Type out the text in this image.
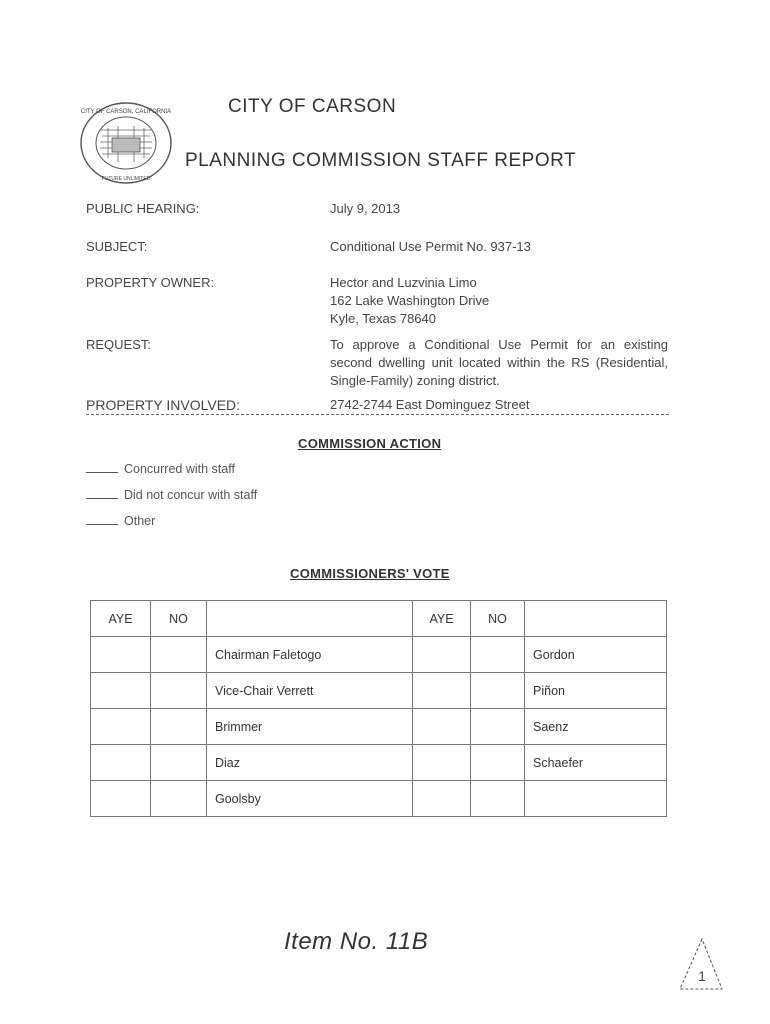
CITY OF CARSON, CALIFORNIA
FUTURE UNLIMITED
CITY OF CARSON
PLANNING COMMISSION STAFF REPORT
PUBLIC HEARING:	July 9, 2013
SUBJECT:	Conditional Use Permit No. 937-13
PROPERTY OWNER:	Hector and Luzvinia Limo
162 Lake Washington Drive
Kyle, Texas 78640
REQUEST:	To approve a Conditional Use Permit for an existing second dwelling unit located within the RS (Residential, Single-Family) zoning district.
PROPERTY INVOLVED:	2742-2744 East Dominguez Street
COMMISSION ACTION
Concurred with staff
Did not concur with staff
Other
COMMISSIONERS' VOTE
AYE	NO		AYE	NO	
		Chairman Faletogo			Gordon
		Vice-Chair Verrett			Piñon
		Brimmer			Saenz
		Diaz			Schaefer
		Goolsby			
Item No. 11B
1
